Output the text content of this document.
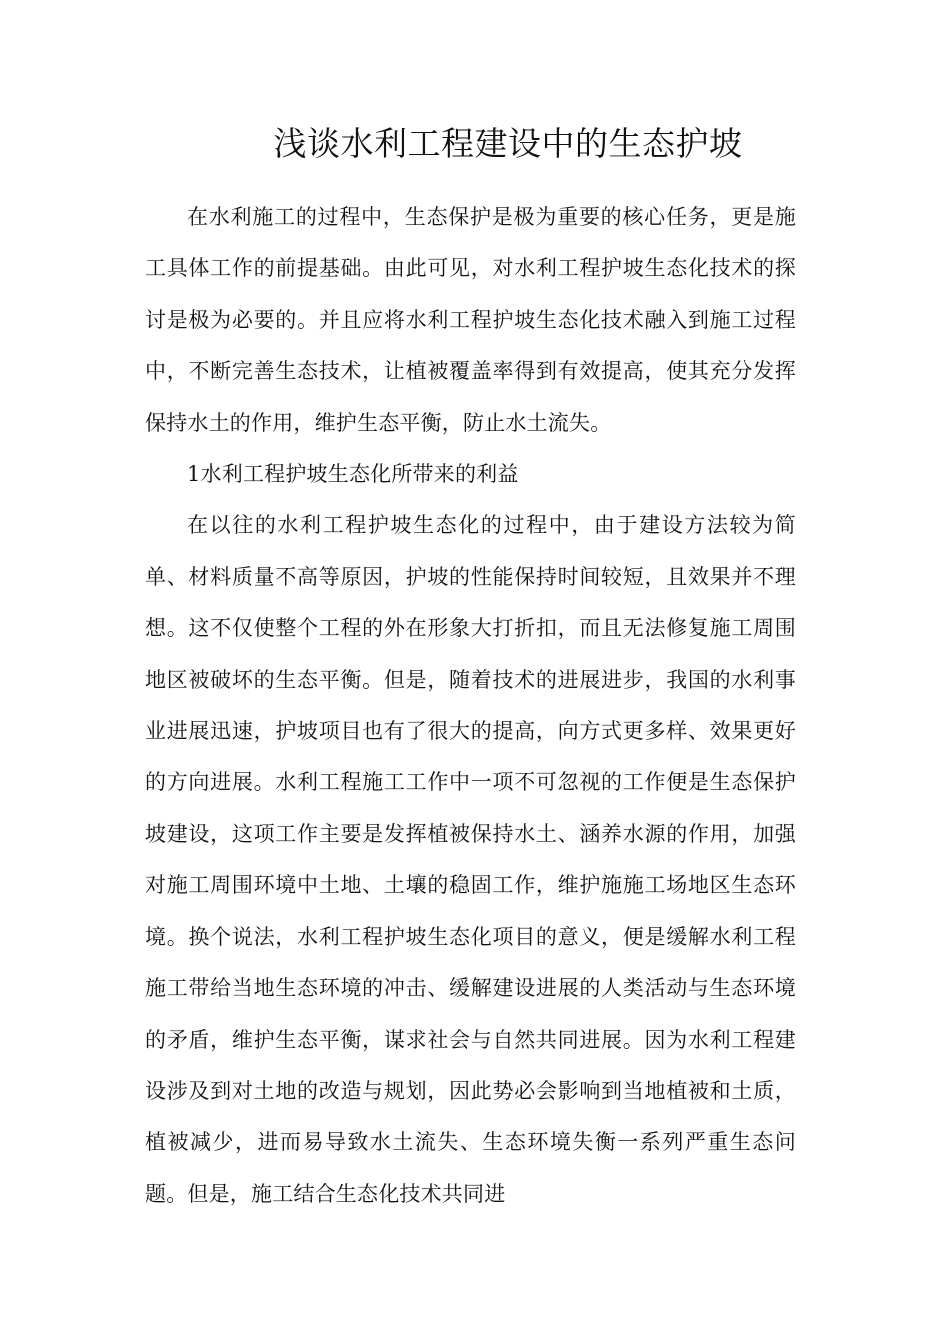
浅谈水利工程建设中的生态护坡

在水利施工的过程中，生态保护是极为重要的核心任务，更是施工具体工作的前提基础。由此可见，对水利工程护坡生态化技术的探讨是极为必要的。并且应将水利工程护坡生态化技术融入到施工过程中，不断完善生态技术，让植被覆盖率得到有效提高，使其充分发挥保持水土的作用，维护生态平衡，防止水土流失。

1水利工程护坡生态化所带来的利益

在以往的水利工程护坡生态化的过程中，由于建设方法较为简单、材料质量不高等原因，护坡的性能保持时间较短，且效果并不理想。这不仅使整个工程的外在形象大打折扣，而且无法修复施工周围地区被破坏的生态平衡。但是，随着技术的进展进步，我国的水利事业进展迅速，护坡项目也有了很大的提高，向方式更多样、效果更好的方向进展。水利工程施工工作中一项不可忽视的工作便是生态保护坡建设，这项工作主要是发挥植被保持水土、涵养水源的作用，加强对施工周围环境中土地、土壤的稳固工作，维护施施工场地区生态环境。换个说法，水利工程护坡生态化项目的意义，便是缓解水利工程施工带给当地生态环境的冲击、缓解建设进展的人类活动与生态环境的矛盾，维护生态平衡，谋求社会与自然共同进展。因为水利工程建设涉及到对土地的改造与规划，因此势必会影响到当地植被和土质，植被减少，进而易导致水土流失、生态环境失衡一系列严重生态问题。但是，施工结合生态化技术共同进
